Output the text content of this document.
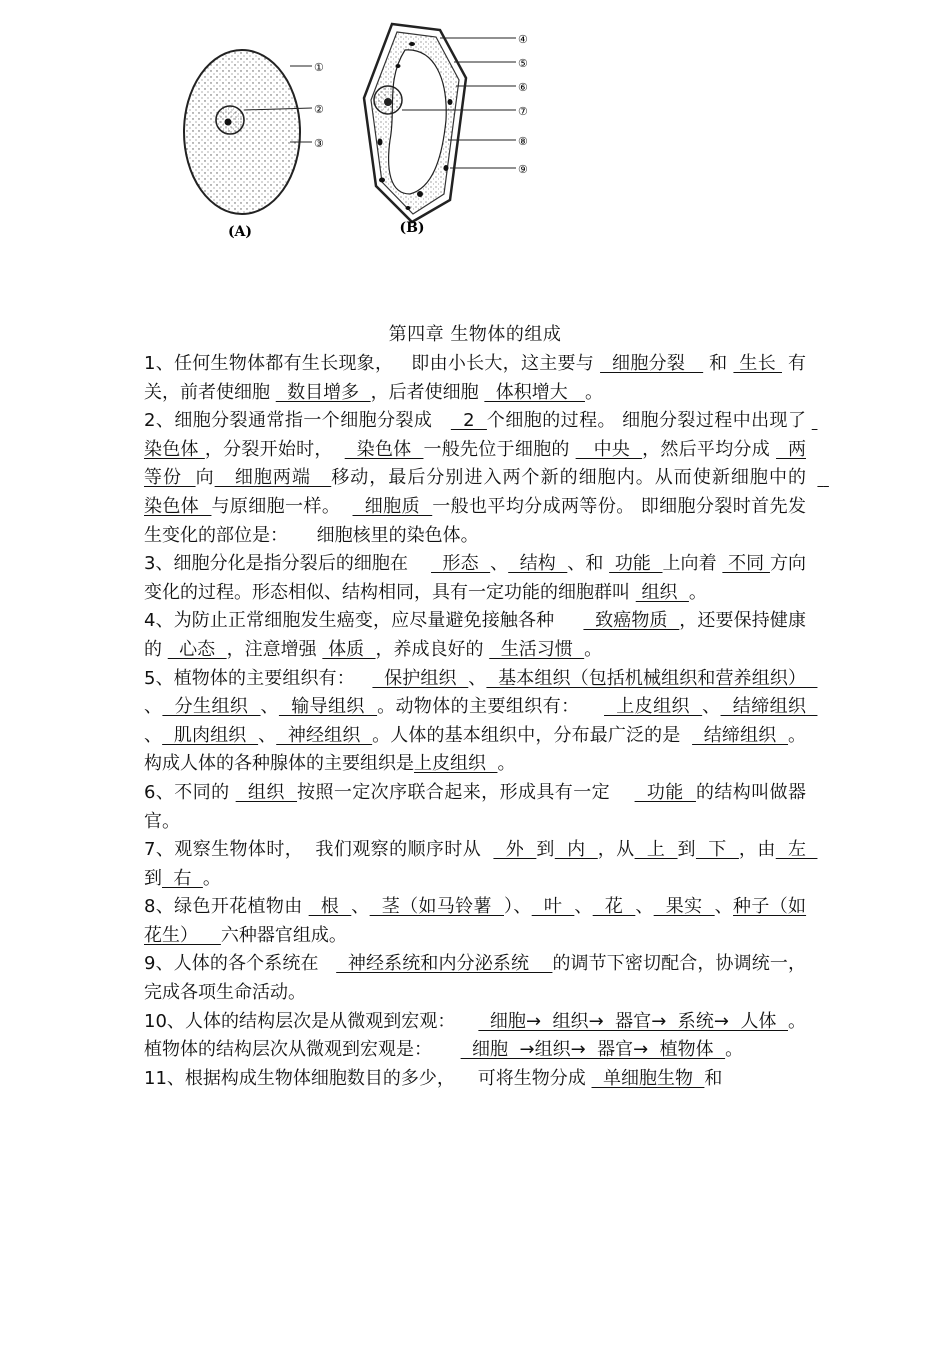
①
②
③
(A)
④
⑤
⑥
⑦
⑧
⑨
(B)
第四章 生物体的组成

1、任何生物体都有生长现象，   即由小长大，这主要与   细胞分裂    和  生长  有关，前者使细胞   数目增多  ，后者使细胞   体积增大   。

2、细胞分裂通常指一个细胞分裂成     2  个细胞的过程。 细胞分裂过程中出现了  染色体 ，分裂开始时，    染色体  一般先位于细胞的    中央  ，然后平均分成   两等份  向   细胞两端   移动，最后分别进入两个新的细胞内。从而使新细胞中的    染色体  与原细胞一样。    细胞质  一般也平均分成两等份。 即细胞分裂时首先发生变化的部位是：     细胞核里的染色体。

3、细胞分化是指分裂后的细胞在      形态  、  结构  、和  功能  上向着  不同 方向变化的过程。形态相似、结构相同，具有一定功能的细胞群叫  组织  。

4、为防止正常细胞发生癌变，应尽量避免接触各种       致癌物质  ，还要保持健康的   心态  ，注意增强  体质  ，养成良好的   生活习惯  。

5、植物体的主要组织有：     保护组织  、  基本组织（包括机械组织和营养组织）  、  分生组织  、  输导组织  。动物体的主要组织有：      上皮组织  、  结缔组织  、  肌肉组织  、  神经组织  。人体的基本组织中，分布最广泛的是    结缔组织  。构成人体的各种腺体的主要组织是上皮组织  。

6、不同的   组织  按照一定次序联合起来，形成具有一定      功能  的结构叫做器官。

7、观察生物体时，  我们观察的顺序时从    外  到  内  ，从  上  到  下  ，由  左  到  右  。

8、绿色开花植物由   根  、  茎（如马铃薯  ）、  叶  、  花  、  果实  、种子（如花生）    六种器官组成。

9、人体的各个系统在     神经系统和内分泌系统    的调节下密切配合，协调统一，完成各项生命活动。

10、人体的结构层次是从微观到宏观：      细胞→  组织→  器官→  系统→  人体  。植物体的结构层次从微观到宏观是：       细胞  →组织→  器官→  植物体  。

11、根据构成生物体细胞数目的多少，    可将生物分成   单细胞生物  和
